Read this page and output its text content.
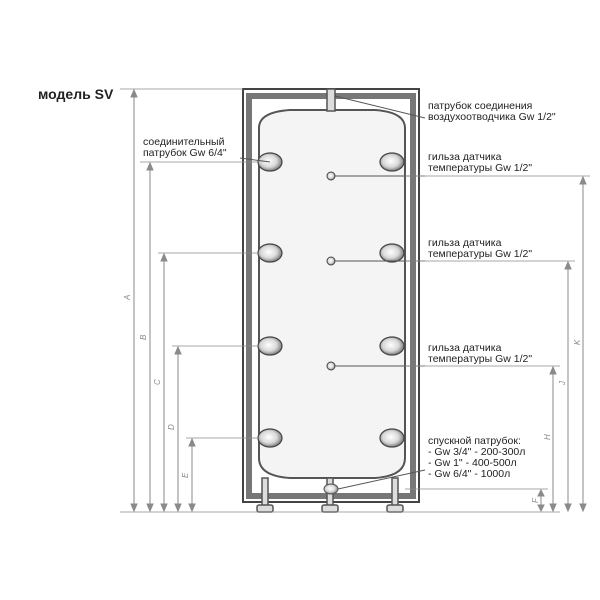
модель SV
A
B
C
D
E
K
J
H
F
патрубок соединения
воздухоотводчика Gw 1/2"
соединительный
патрубок Gw 6/4"	гильза датчика
температуры Gw 1/2"
гильза датчика
температуры Gw 1/2"
гильза датчика
температуры Gw 1/2"
спускной патрубок:
- Gw 3/4" - 200-300л
- Gw 1" - 400-500л
- Gw 6/4" - 1000л
